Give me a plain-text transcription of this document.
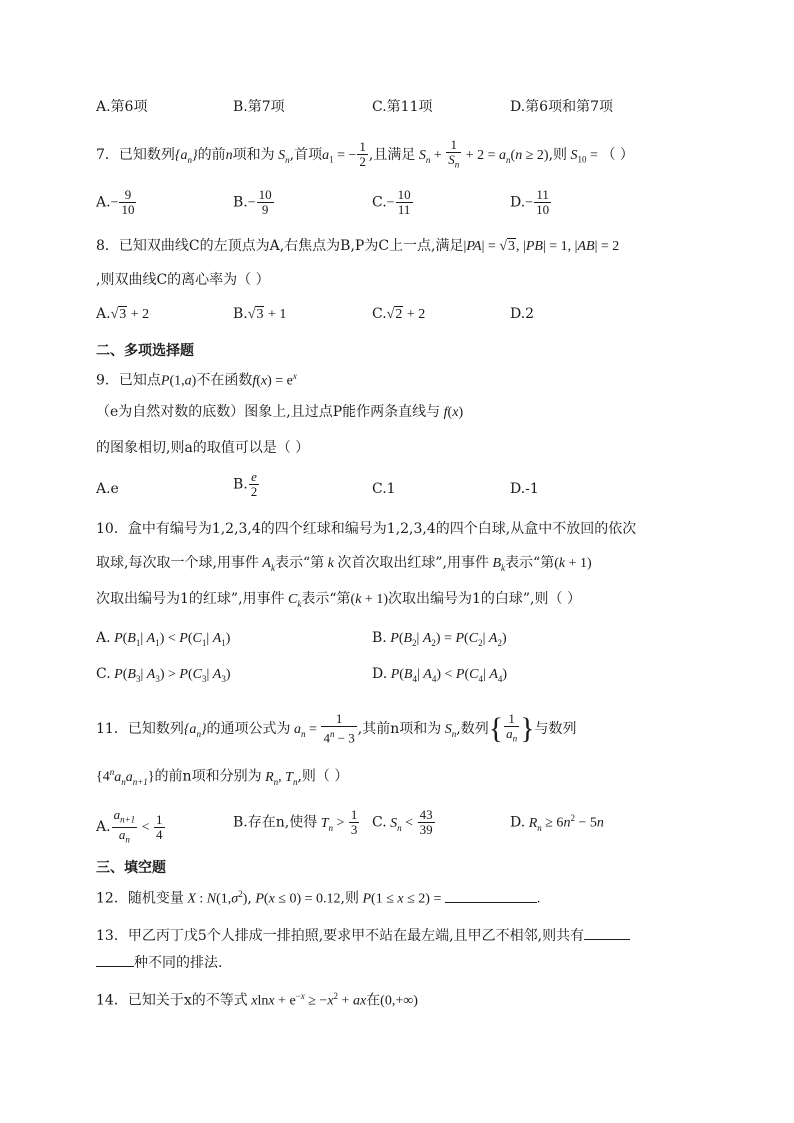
A.第6项	B.第7项	C.第11项	D.第6项和第7项
7．已知数列$\{a_n\}$的前n项和为 $S_n$,首项$a_1$ = − $\frac{1}{2}$ ,且满足 $S_n + \frac{1}{S_n} + 2 = a_n(n \ge 2)$,则 $S_{10}$ = （ ）
$A.- \frac{9}{10}$	$B.- \frac{10}{9}$	$C.- \frac{10}{11}$	$D.- \frac{11}{10}$
8．已知双曲线C的左顶点为A,右焦点为B,P为C上一点,满足|PA| = √3, |PB| = 1, |AB| = 2
,则双曲线C的离心率为（ ）
A.√3 + 2	B.√3 + 1	C.√2 + 2	D.2
二、多项选择题
9．已知点P(1,a)不在函数$f(x) = e^x$
（e为自然对数的底数）图象上,且过点P能作两条直线与 f(x)
的图象相切,则a的取值可以是（ ）
A.e	B. $\frac{e}{2}$	C.1	D.-1
10．盒中有编号为1,2,3,4的四个红球和编号为1,2,3,4的四个白球,从盒中不放回的依次
取球,每次取一个球,用事件 $A_k$表示“第 k 次首次取出红球”,用事件 $B_k$表示“第(k + 1)
次取出编号为1的红球”,用事件 $C_k$表示“第(k + 1)次取出编号为1的白球”,则（ ）
A. $P(B_1|$ $A_1) < P(C_1|$ $A_1$)	B. $P(B_2|$ $A_2) = P(C_2|$ $A_2$)
C. $P(B_3|$ $A_3) > P(C_3|$ $A_3$)	D. $P(B_4|$ $A_4) < P(C_4|$ $A_4$)
11．已知数列$\{a_n\}$的通项公式为 $a_n = \frac{1}{4^n - 3}$ ,其前n项和为 $S_n$,数列{ $\frac{1}{a_n}$ }与数列
$\{4^na_na_{n+1}\}$的前n项和分别为 $R_n$, $T_n$,则（ ）
A. $\frac{a_{n+1}}{a_n} < \frac{1}{4}$	B.存在n,使得 $T_n > \frac{1}{3} C$. $S_n < \frac{43}{39}$	D. $R_n \ge 6n^2 - 5n$
三、填空题
12．随机变量 X : $N(1,\sigma^2)$, P(x ≤ 0) = 0.12,则 P(1 ≤ x ≤ 2) =	.
13．甲乙丙丁戊5个人排成一排拍照,要求甲不站在最左端,且甲乙不相邻,则共有
种不同的排法.
14．已知关于x的不等式 $xlnx + e^{-x} \ge -x^2$ + ax在(0,+∞)
